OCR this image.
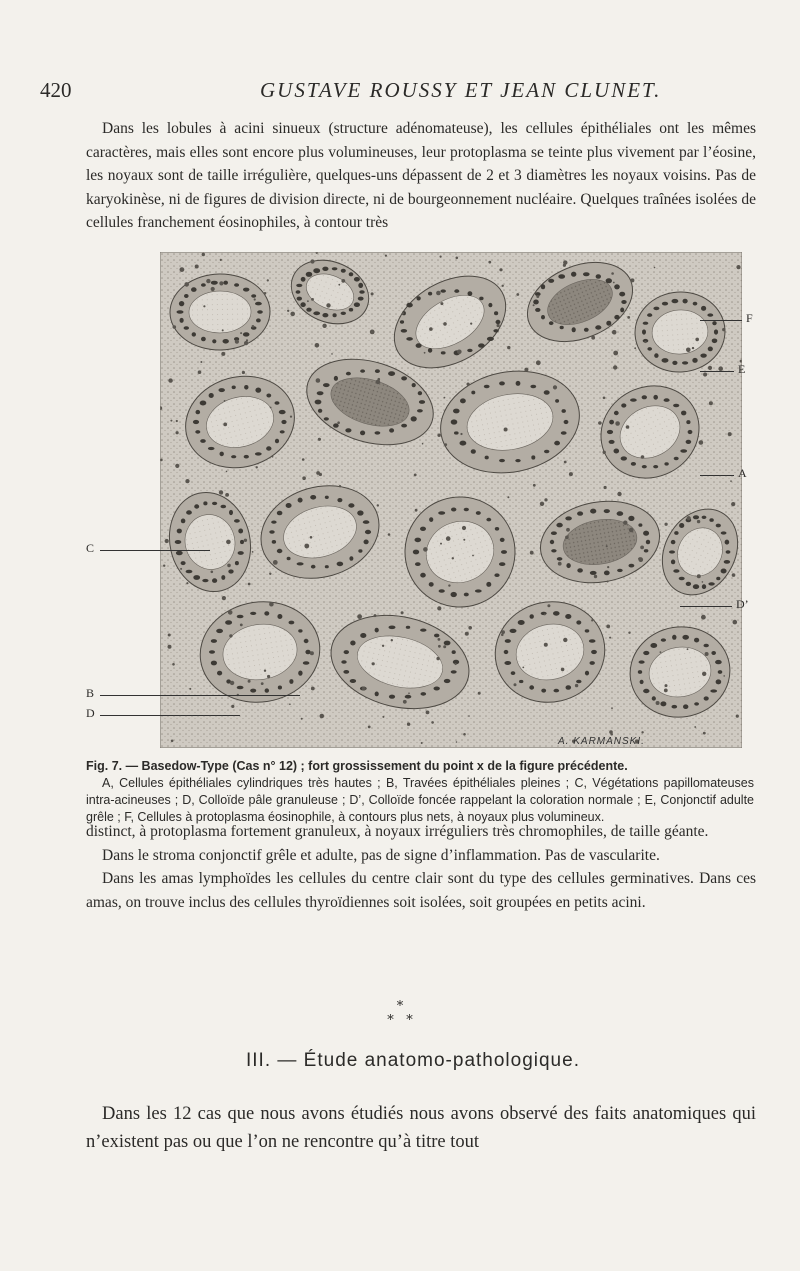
420	GUSTAVE ROUSSY ET JEAN CLUNET.

Dans les lobules à acini sinueux (structure adénomateuse), les cellules épithéliales ont les mêmes caractères, mais elles sont encore plus volumineuses, leur protoplasma se teinte plus vivement par l’éosine, les noyaux sont de taille irrégulière, quelques-uns dépassent de 2 et 3 diamètres les noyaux voisins. Pas de karyokinèse, ni de figures de division directe, ni de bourgeonnement nucléaire. Quelques traînées isolées de cellules franchement éosinophiles, à contour très

F
E
A
C
D’
B
D
A. KARMANSKI.

Fig. 7. — Basedow-Type (Cas n° 12) ; fort grossissement du point x de la figure précédente.

A, Cellules épithéliales cylindriques très hautes ; B, Travées épithéliales pleines ; C, Végétations papillomateuses intra-acineuses ; D, Colloïde pâle granuleuse ; D’, Colloïde foncée rappelant la coloration normale ; E, Conjonctif adulte grêle ; F, Cellules à protoplasma éosinophile, à contours plus nets, à noyaux plus volumineux.

distinct, à protoplasma fortement granuleux, à noyaux irréguliers très chromophiles, de taille géante.

Dans le stroma conjonctif grêle et adulte, pas de signe d’inflammation. Pas de vascularite.

Dans les amas lymphoïdes les cellules du centre clair sont du type des cellules germinatives. Dans ces amas, on trouve inclus des cellules thyroïdiennes soit isolées, soit groupées en petits acini.

*
*   *
III. — Étude anatomo-pathologique.

Dans les 12 cas que nous avons étudiés nous avons observé des faits anatomiques qui n’existent pas ou que l’on ne rencontre qu’à titre tout
